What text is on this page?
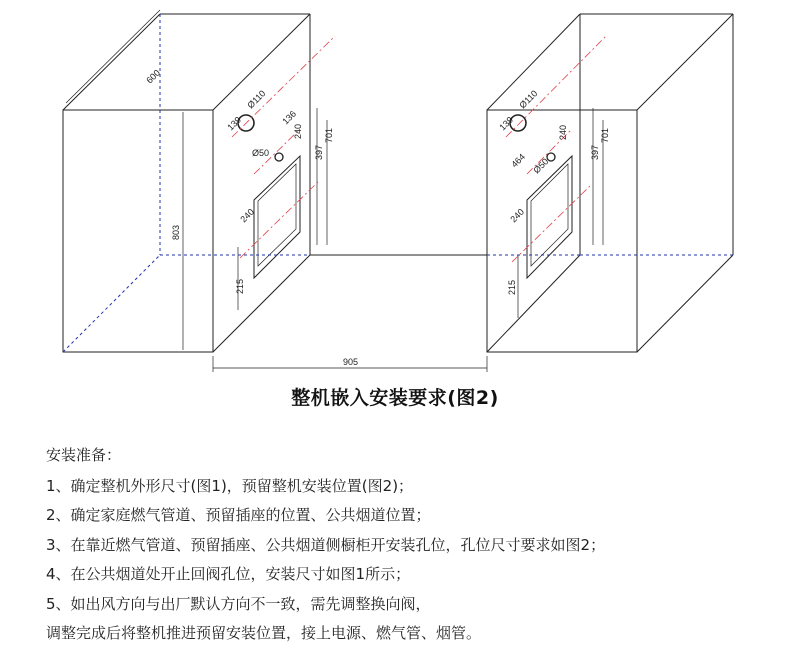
600
803
905
Ø110
139	136
240
Ø50	397
701
240
215
Ø110
139
464
240
Ø50
397
701
240
215
整机嵌入安装要求(图2)
安装准备：
1、确定整机外形尺寸(图1)，预留整机安装位置(图2)；
2、确定家庭燃气管道、预留插座的位置、公共烟道位置；
3、在靠近燃气管道、预留插座、公共烟道侧橱柜开安装孔位，孔位尺寸要求如图2；
4、在公共烟道处开止回阀孔位，安装尺寸如图1所示；
5、如出风方向与出厂默认方向不一致，需先调整换向阀，
调整完成后将整机推进预留安装位置，接上电源、燃气管、烟管。
